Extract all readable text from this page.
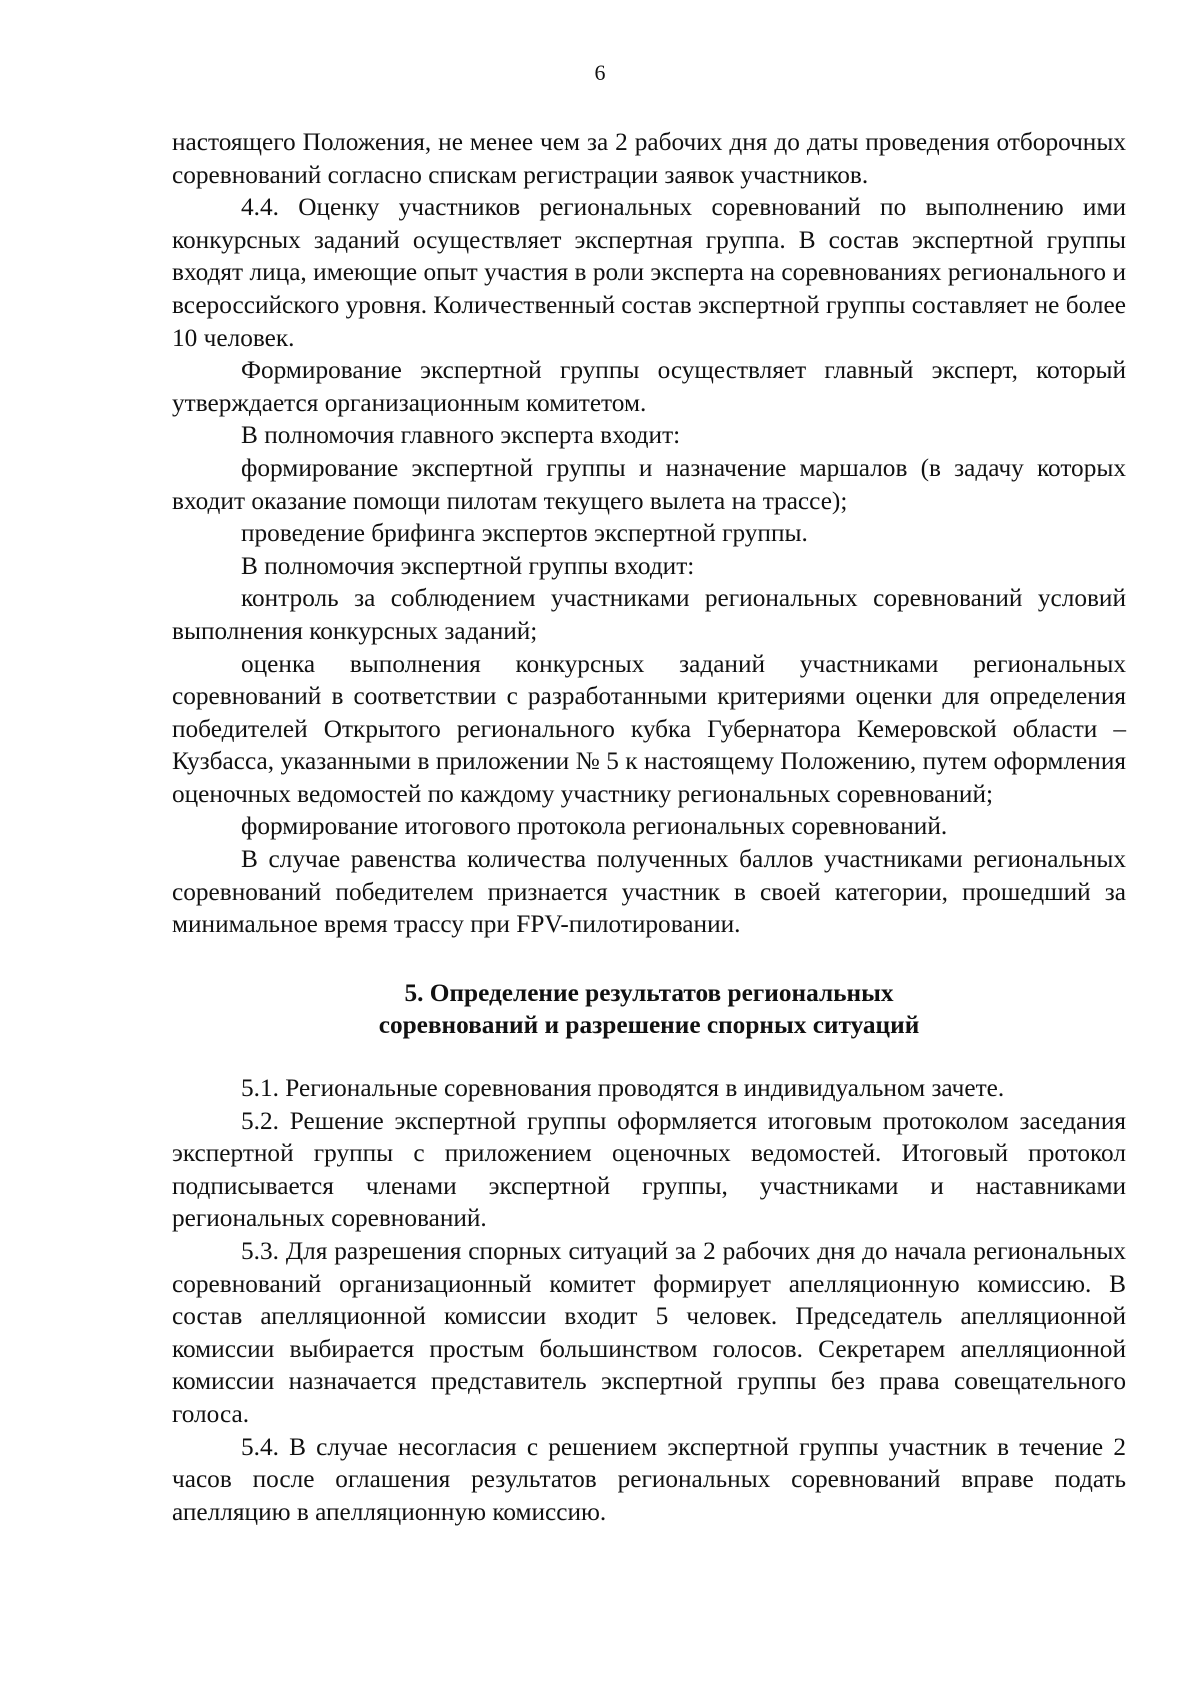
6

настоящего Положения, не менее чем за 2 рабочих дня до даты проведения отборочных соревнований согласно спискам регистрации заявок участников.

4.4. Оценку участников региональных соревнований по выполнению ими конкурсных заданий осуществляет экспертная группа. В состав экспертной группы входят лица, имеющие опыт участия в роли эксперта на соревнованиях регионального и всероссийского уровня. Количественный состав экспертной группы составляет не более 10 человек.

Формирование экспертной группы осуществляет главный эксперт, который утверждается организационным комитетом.

В полномочия главного эксперта входит:

формирование экспертной группы и назначение маршалов (в задачу которых входит оказание помощи пилотам текущего вылета на трассе);

проведение брифинга экспертов экспертной группы.

В полномочия экспертной группы входит:

контроль за соблюдением участниками региональных соревнований условий выполнения конкурсных заданий;

оценка выполнения конкурсных заданий участниками региональных соревнований в соответствии с разработанными критериями оценки для определения победителей Открытого регионального кубка Губернатора Кемеровской области – Кузбасса, указанными в приложении № 5 к настоящему Положению, путем оформления оценочных ведомостей по каждому участнику региональных соревнований;

формирование итогового протокола региональных соревнований.

В случае равенства количества полученных баллов участниками региональных соревнований победителем признается участник в своей категории, прошедший за минимальное время трассу при FPV-пилотировании.

5. Определение результатов региональных
соревнований и разрешение спорных ситуаций

5.1. Региональные соревнования проводятся в индивидуальном зачете.

5.2. Решение экспертной группы оформляется итоговым протоколом заседания экспертной группы с приложением оценочных ведомостей. Итоговый протокол подписывается членами экспертной группы, участниками и наставниками региональных соревнований.

5.3. Для разрешения спорных ситуаций за 2 рабочих дня до начала региональных соревнований организационный комитет формирует апелляционную комиссию. В состав апелляционной комиссии входит 5 человек. Председатель апелляционной комиссии выбирается простым большинством голосов. Секретарем апелляционной комиссии назначается представитель экспертной группы без права совещательного голоса.

5.4. В случае несогласия с решением экспертной группы участник в течение 2 часов после оглашения результатов региональных соревнований вправе подать апелляцию в апелляционную комиссию.
